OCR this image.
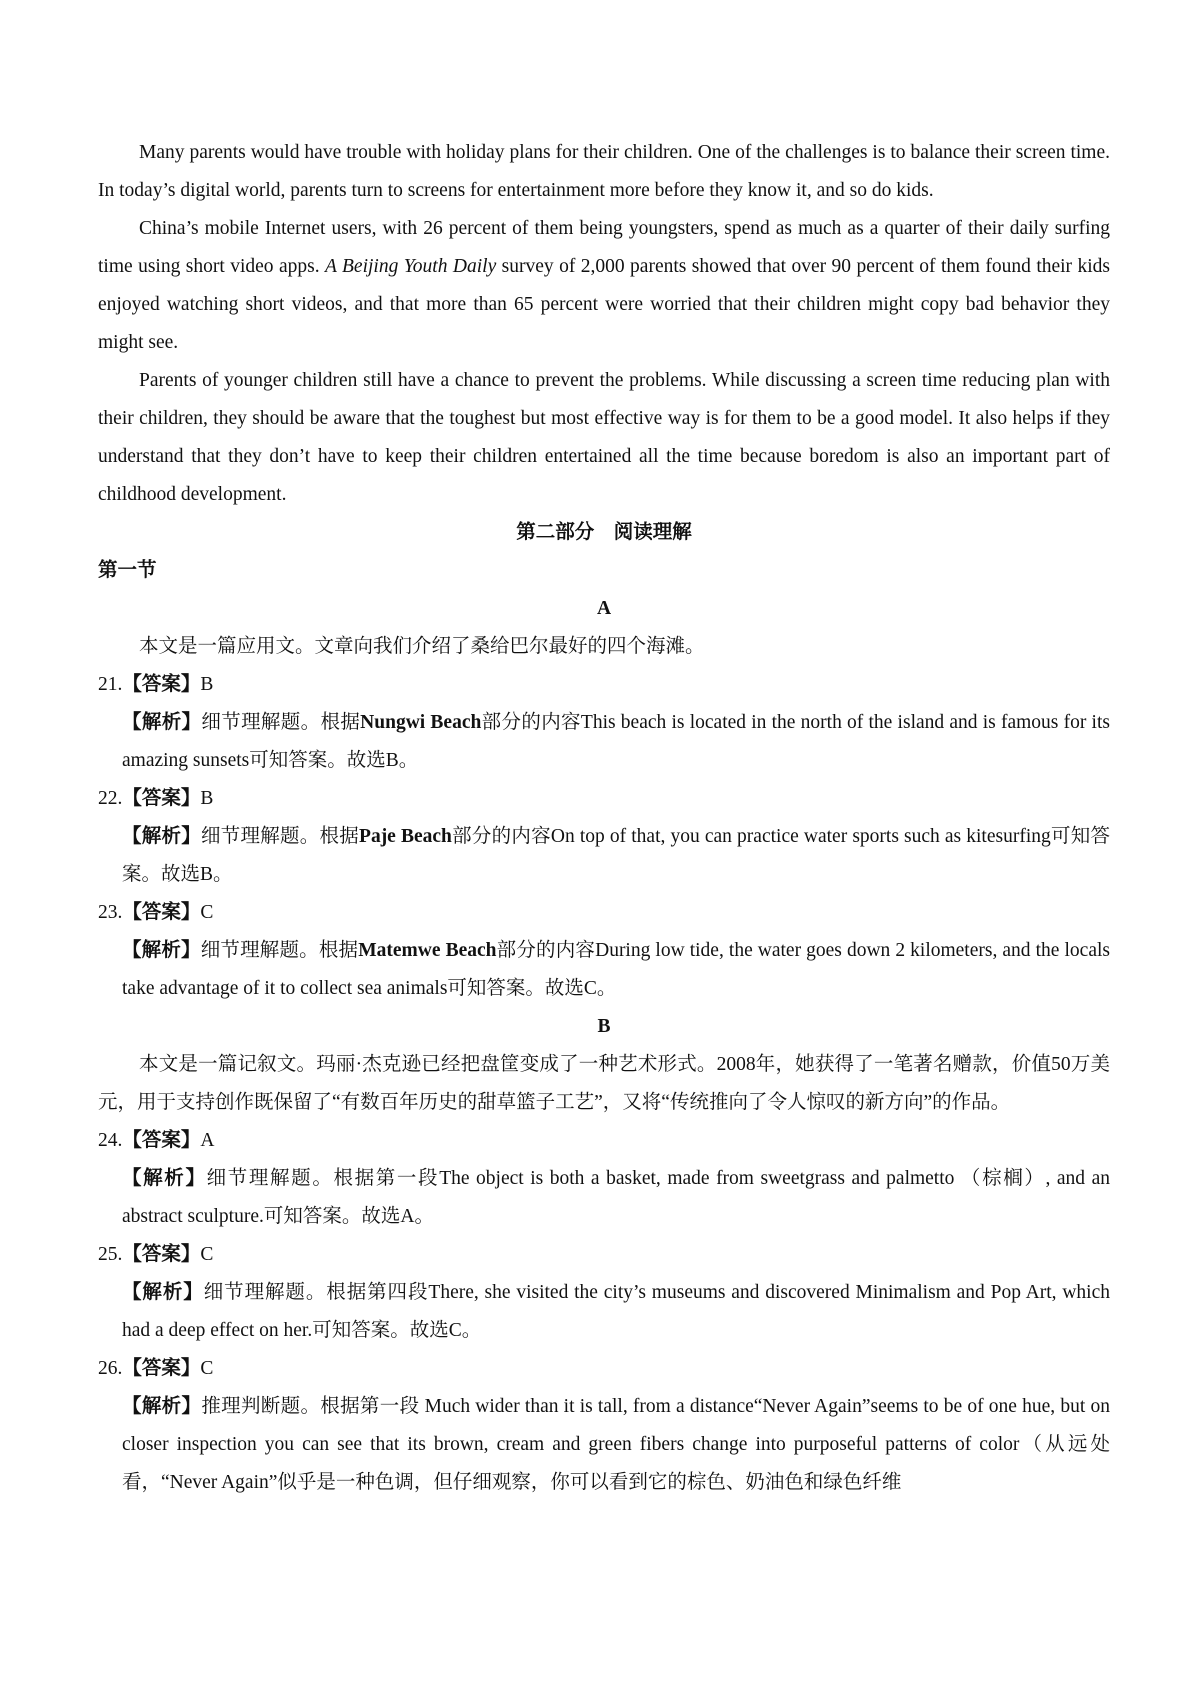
Many parents would have trouble with holiday plans for their children. One of the challenges is to balance their screen time. In today’s digital world, parents turn to screens for entertainment more before they know it, and so do kids.

China’s mobile Internet users, with 26 percent of them being youngsters, spend as much as a quarter of their daily surfing time using short video apps. A Beijing Youth Daily survey of 2,000 parents showed that over 90 percent of them found their kids enjoyed watching short videos, and that more than 65 percent were worried that their children might copy bad behavior they might see.

Parents of younger children still have a chance to prevent the problems. While discussing a screen time reducing plan with their children, they should be aware that the toughest but most effective way is for them to be a good model. It also helps if they understand that they don’t have to keep their children entertained all the time because boredom is also an important part of childhood development.

第二部分　阅读理解

第一节

A

本文是一篇应用文。文章向我们介绍了桑给巴尔最好的四个海滩。

21.【答案】B

【解析】细节理解题。根据Nungwi Beach部分的内容This beach is located in the north of the island and is famous for its amazing sunsets可知答案。故选B。

22.【答案】B

【解析】细节理解题。根据Paje Beach部分的内容On top of that, you can practice water sports such as kitesurfing可知答案。故选B。

23.【答案】C

【解析】细节理解题。根据Matemwe Beach部分的内容During low tide, the water goes down 2 kilometers, and the locals take advantage of it to collect sea animals可知答案。故选C。

B

本文是一篇记叙文。玛丽·杰克逊已经把盘筐变成了一种艺术形式。2008年，她获得了一笔著名赠款，价值50万美元，用于支持创作既保留了“有数百年历史的甜草篮子工艺”，又将“传统推向了令人惊叹的新方向”的作品。

24.【答案】A

【解析】细节理解题。根据第一段The object is both a basket, made from sweetgrass and palmetto （棕榈）, and an abstract sculpture.可知答案。故选A。

25.【答案】C

【解析】细节理解题。根据第四段There, she visited the city’s museums and discovered Minimalism and Pop Art, which had a deep effect on her.可知答案。故选C。

26.【答案】C

【解析】推理判断题。根据第一段 Much wider than it is tall, from a distance“Never Again”seems to be of one hue, but on closer inspection you can see that its brown, cream and green fibers change into purposeful patterns of color（从远处看，“Never Again”似乎是一种色调，但仔细观察，你可以看到它的棕色、奶油色和绿色纤维
